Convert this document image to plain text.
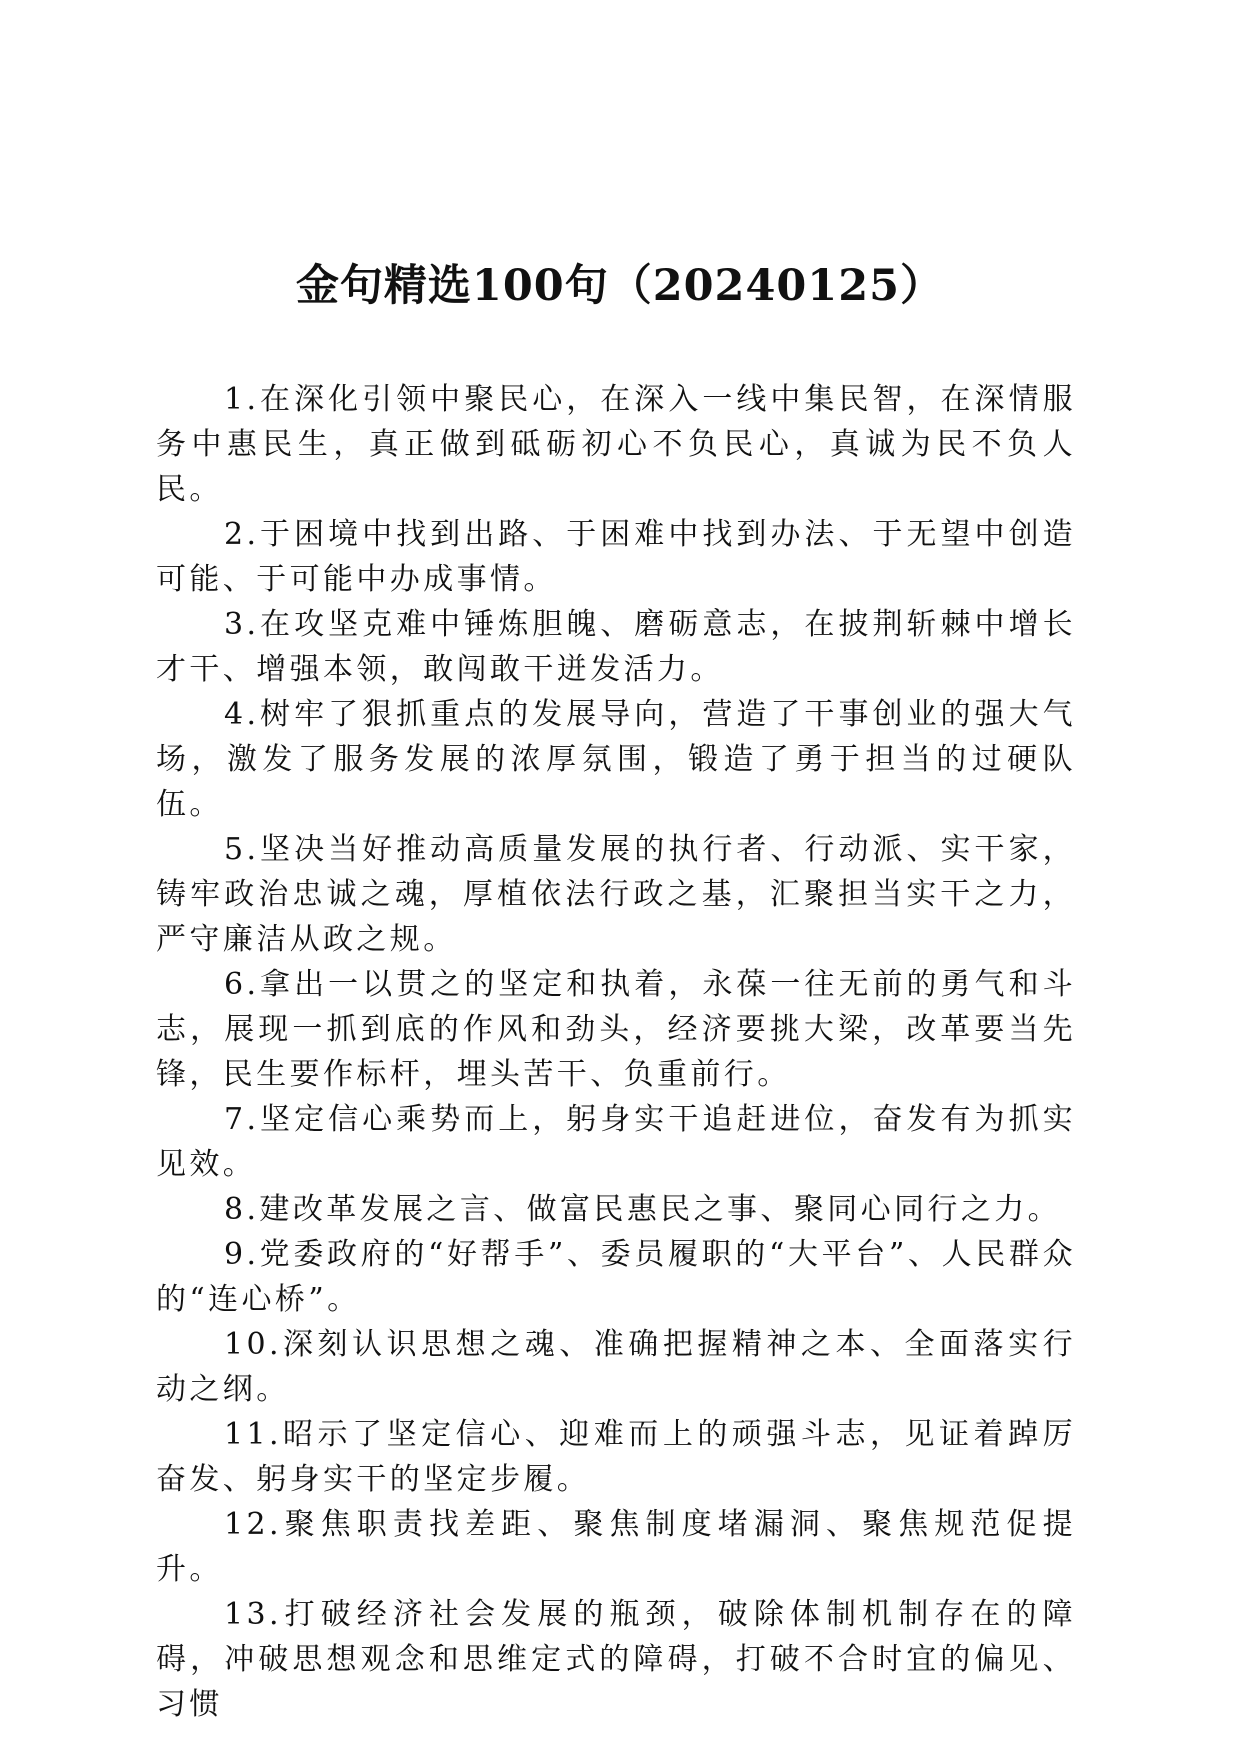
金句精选100句（20240125）

1.在深化引领中聚民心，在深入一线中集民智，在深情服务中惠民生，真正做到砥砺初心不负民心，真诚为民不负人民。

2.于困境中找到出路、于困难中找到办法、于无望中创造可能、于可能中办成事情。

3.在攻坚克难中锤炼胆魄、磨砺意志，在披荆斩棘中增长才干、增强本领，敢闯敢干迸发活力。

4.树牢了狠抓重点的发展导向，营造了干事创业的强大气场，激发了服务发展的浓厚氛围，锻造了勇于担当的过硬队伍。

5.坚决当好推动高质量发展的执行者、行动派、实干家，铸牢政治忠诚之魂，厚植依法行政之基，汇聚担当实干之力，严守廉洁从政之规。

6.拿出一以贯之的坚定和执着，永葆一往无前的勇气和斗志，展现一抓到底的作风和劲头，经济要挑大梁，改革要当先锋，民生要作标杆，埋头苦干、负重前行。

7.坚定信心乘势而上，躬身实干追赶进位，奋发有为抓实见效。

8.建改革发展之言、做富民惠民之事、聚同心同行之力。

9.党委政府的“好帮手”、委员履职的“大平台”、人民群众的“连心桥”。

10.深刻认识思想之魂、准确把握精神之本、全面落实行动之纲。

11.昭示了坚定信心、迎难而上的顽强斗志，见证着踔厉奋发、躬身实干的坚定步履。

12.聚焦职责找差距、聚焦制度堵漏洞、聚焦规范促提升。

13.打破经济社会发展的瓶颈，破除体制机制存在的障碍，冲破思想观念和思维定式的障碍，打破不合时宜的偏见、习惯
